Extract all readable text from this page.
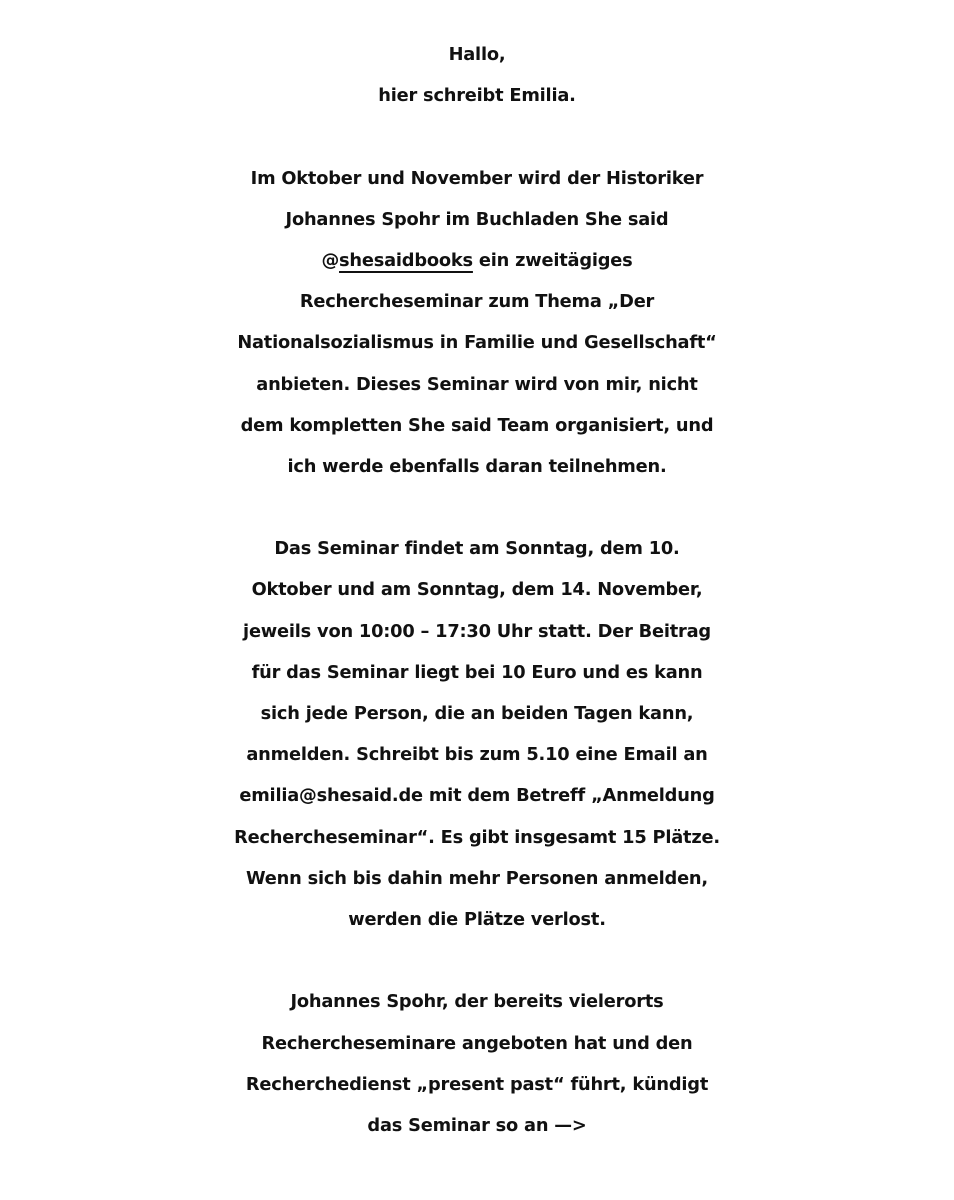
Hallo,
hier schreibt Emilia.
Im Oktober und November wird der Historiker
Johannes Spohr im Buchladen She said
@shesaidbooks ein zweitägiges
Rechercheseminar zum Thema „Der
Nationalsozialismus in Familie und Gesellschaft“
anbieten. Dieses Seminar wird von mir, nicht
dem kompletten She said Team organisiert, und
ich werde ebenfalls daran teilnehmen.
Das Seminar findet am Sonntag, dem 10.
Oktober und am Sonntag, dem 14. November,
jeweils von 10:00 – 17:30 Uhr statt. Der Beitrag
für das Seminar liegt bei 10 Euro und es kann
sich jede Person, die an beiden Tagen kann,
anmelden. Schreibt bis zum 5.10 eine Email an
emilia@shesaid.de mit dem Betreff „Anmeldung
Rechercheseminar“. Es gibt insgesamt 15 Plätze.
Wenn sich bis dahin mehr Personen anmelden,
werden die Plätze verlost.
Johannes Spohr, der bereits vielerorts
Rechercheseminare angeboten hat und den
Recherchedienst „present past“ führt, kündigt
das Seminar so an —>
